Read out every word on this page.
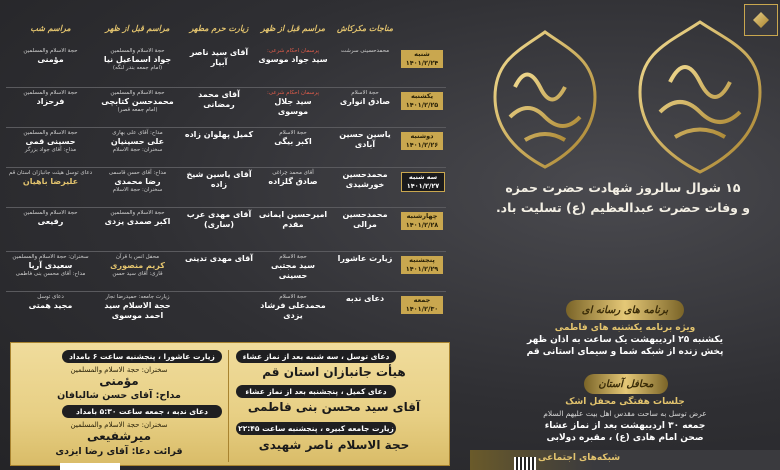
۱۵ شوال سالروز شهادت حضرت حمزه
و وفات حضرت عبدالعظیم (ع) تسلیت باد.
برنامه های رسانه ای
ویژه برنامه یکشنبه های فاطمی
یکشنبه ۲۵ اردیبهشت یک ساعت به اذان ظهر
پخش زنده از شبکه شما و سیمای استانی قم
محافل آستان
جلسات هفتگی محفل اشک
عرض توسل به ساحت مقدس اهل بیت علیهم السلام
جمعه ۳۰ اردیبهشت بعد از نماز عشاء
صحن امام هادی (ع) ، مقبره دولابی
شبکه‌های اجتماعی
مناجات مکرکاش
مراسم قبل از ظهر
زیارت حرم مطهر
مراسم قبل از ظهر
مراسم شب
شنبه
۱۴۰۱/۲/۲۴
محمدحسینی سرشت
پرسمان احکام شرعی:
سید جواد موسوی
آقای سید ناصر آبیار
حجة الاسلام والمسلمین
جواد اسماعیل نیا
(امام جمعه بندر لنگه)
حجة الاسلام والمسلمین
مؤمنی
یکشنبه
۱۴۰۱/۲/۲۵
حجة الاسلام
صادق انواری
پرسمان احکام شرعی:
سید جلال موسوی
آقای محمد رمضانی
حجة الاسلام والمسلمین
محمدحسن کتابچی
(امام جمعه قصر)
حجة الاسلام والمسلمین
فرحزاد
دوشنبه
۱۴۰۱/۲/۲۶
یاسین حسین آبادی
حجة الاسلام
اکبر بیگی
کمیل پهلوان زاده
مداح: آقای علی بهاری
علی حسینیان
سخنران: حجة الاسلام
حجة الاسلام والمسلمین
حسینی قمی
مداح: آقای جواد بزرگر
سه شنبه
۱۴۰۱/۲/۲۷
محمدحسین خورشیدی
آقای محمد چراغی
صادق گلزاده
آقای یاسین شیخ زاده
مداح: آقای حسن قاسمی
رضا محمدی
سخنران: حجة الاسلام
دعای توسل هیئت جانبازان استان قم
علیرضا باهیان
چهارشنبه
۱۴۰۱/۲/۲۸
محمدحسین مرالی
امیرحسین ایمانی مقدم
آقای مهدی عرب (ساری)
حجة الاسلام والمسلمین
اکبر صمدی یزدی
حجة الاسلام والمسلمین
رفیعی
پنجشنبه
۱۴۰۱/۲/۲۹
زیارت عاشورا
حجة الاسلام
سید مجتبی حسینی
آقای مهدی تدینی
محفل انس با قرآن
کریم منصوری
قاری: آقای سید حسن
سخنران: حجة الاسلام والمسلمین
سعیدی آریا
مداح: آقای محسن بنی فاطمی
جمعه
۱۴۰۱/۲/۳۰
دعای ندبه
حجة الاسلام
محمدعلی فرشاد یزدی
زیارت جامعه: حمیدرضا نجار
حجة الاسلام سید احمد موسوی
دعای توسل
مجید همتی
دعای توسل ، سه شنبه بعد از نماز عشاء
هیأت جانبازان استان قم
دعای کمیل ، پنجشنبه بعد از نماز عشاء
آقای سید محسن بنی فاطمی
زیارت جامعه کبیره ، پنجشنبه ساعت ۲۲:۴۵
حجة الاسلام ناصر شهیدی
زیارت عاشورا ، پنجشنبه ساعت ۶ بامداد
سخنران: حجة الاسلام والمسلمین
مؤمنی
مداح: آقای حسن شالبافان
دعای ندبه ، جمعه ساعت ۵:۳۰ بامداد
سخنران: حجة الاسلام والمسلمین
میرشفیعی
قرائت دعا: آقای رضا ایزدی
